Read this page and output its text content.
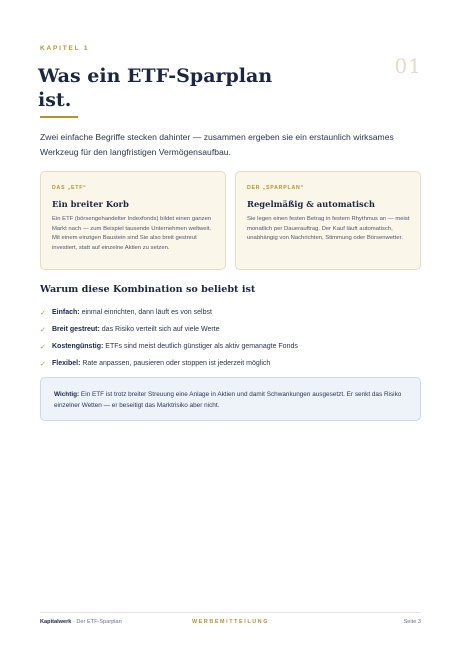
KAPITEL 1
01
Was ein ETF-Sparplan ist.

Zwei einfache Begriffe stecken dahinter — zusammen ergeben sie ein erstaunlich wirksames Werkzeug für den langfristigen Vermögensaufbau.

DAS „ETF“
Ein breiter Korb
Ein ETF (börsengehandelter Indexfonds) bildet einen ganzen Markt nach — zum Beispiel tausende Unternehmen weltweit. Mit einem einzigen Baustein sind Sie also breit gestreut investiert, statt auf einzelne Aktien zu setzen.
DER „SPARPLAN“
Regelmäßig & automatisch
Sie legen einen festen Betrag in festem Rhythmus an — meist monatlich per Dauerauftrag. Der Kauf läuft automatisch, unabhängig von Nachrichten, Stimmung oder Börsenwetter.
Warum diese Kombination so beliebt ist
✓ Einfach: einmal einrichten, dann läuft es von selbst
✓ Breit gestreut: das Risiko verteilt sich auf viele Werte
✓ Kostengünstig: ETFs sind meist deutlich günstiger als aktiv gemanagte Fonds
✓ Flexibel: Rate anpassen, pausieren oder stoppen ist jederzeit möglich
Wichtig: Ein ETF ist trotz breiter Streuung eine Anlage in Aktien und damit Schwankungen ausgesetzt. Er senkt das Risiko einzelner Wetten — er beseitigt das Marktrisiko aber nicht.
Kapitalwerk · Der ETF-Sparplan	WERBEMITTEILUNG	Seite 3
